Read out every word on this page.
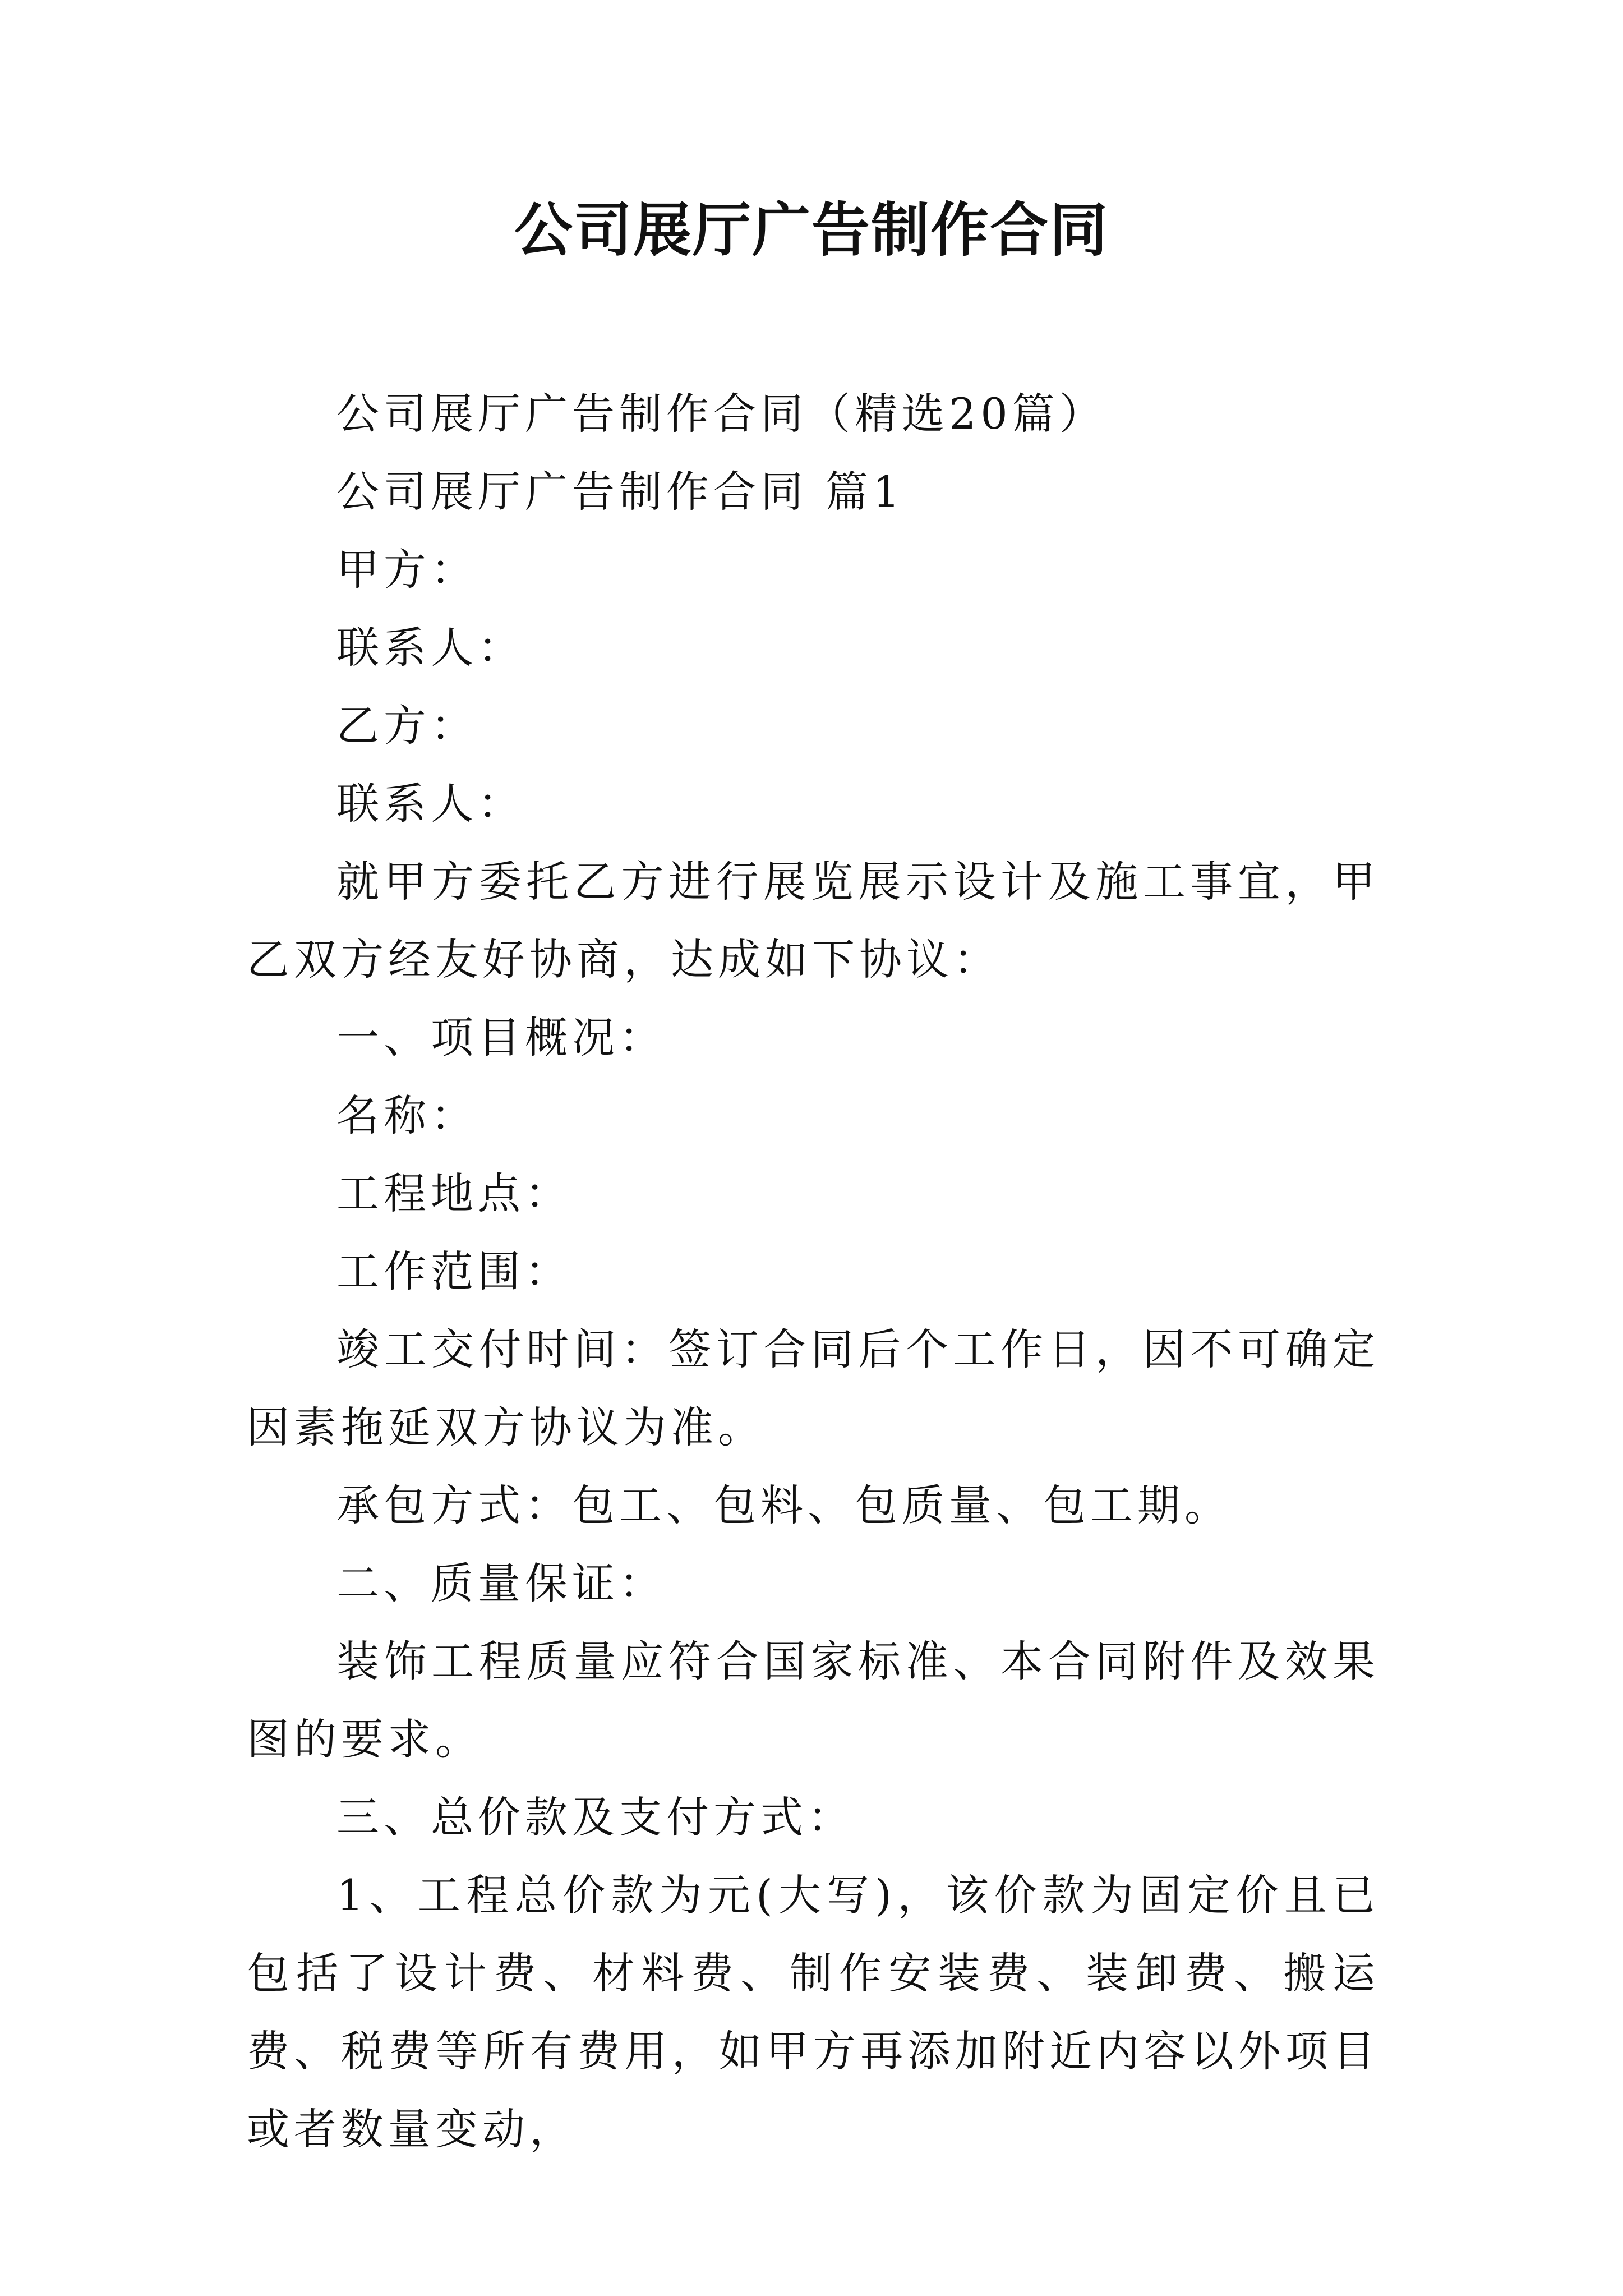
公司展厅广告制作合同

公司展厅广告制作合同（精选20篇）

公司展厅广告制作合同 篇1

甲方：

联系人：

乙方：

联系人：

就甲方委托乙方进行展览展示设计及施工事宜，甲乙双方经友好协商，达成如下协议：

一、项目概况：

名称：

工程地点：

工作范围：

竣工交付时间：签订合同后个工作日，因不可确定因素拖延双方协议为准。

承包方式：包工、包料、包质量、包工期。

二、质量保证：

装饰工程质量应符合国家标准、本合同附件及效果图的要求。

三、总价款及支付方式：

1、工程总价款为元(大写)，该价款为固定价且已包括了设计费、材料费、制作安装费、装卸费、搬运费、税费等所有费用，如甲方再添加附近内容以外项目或者数量变动，
